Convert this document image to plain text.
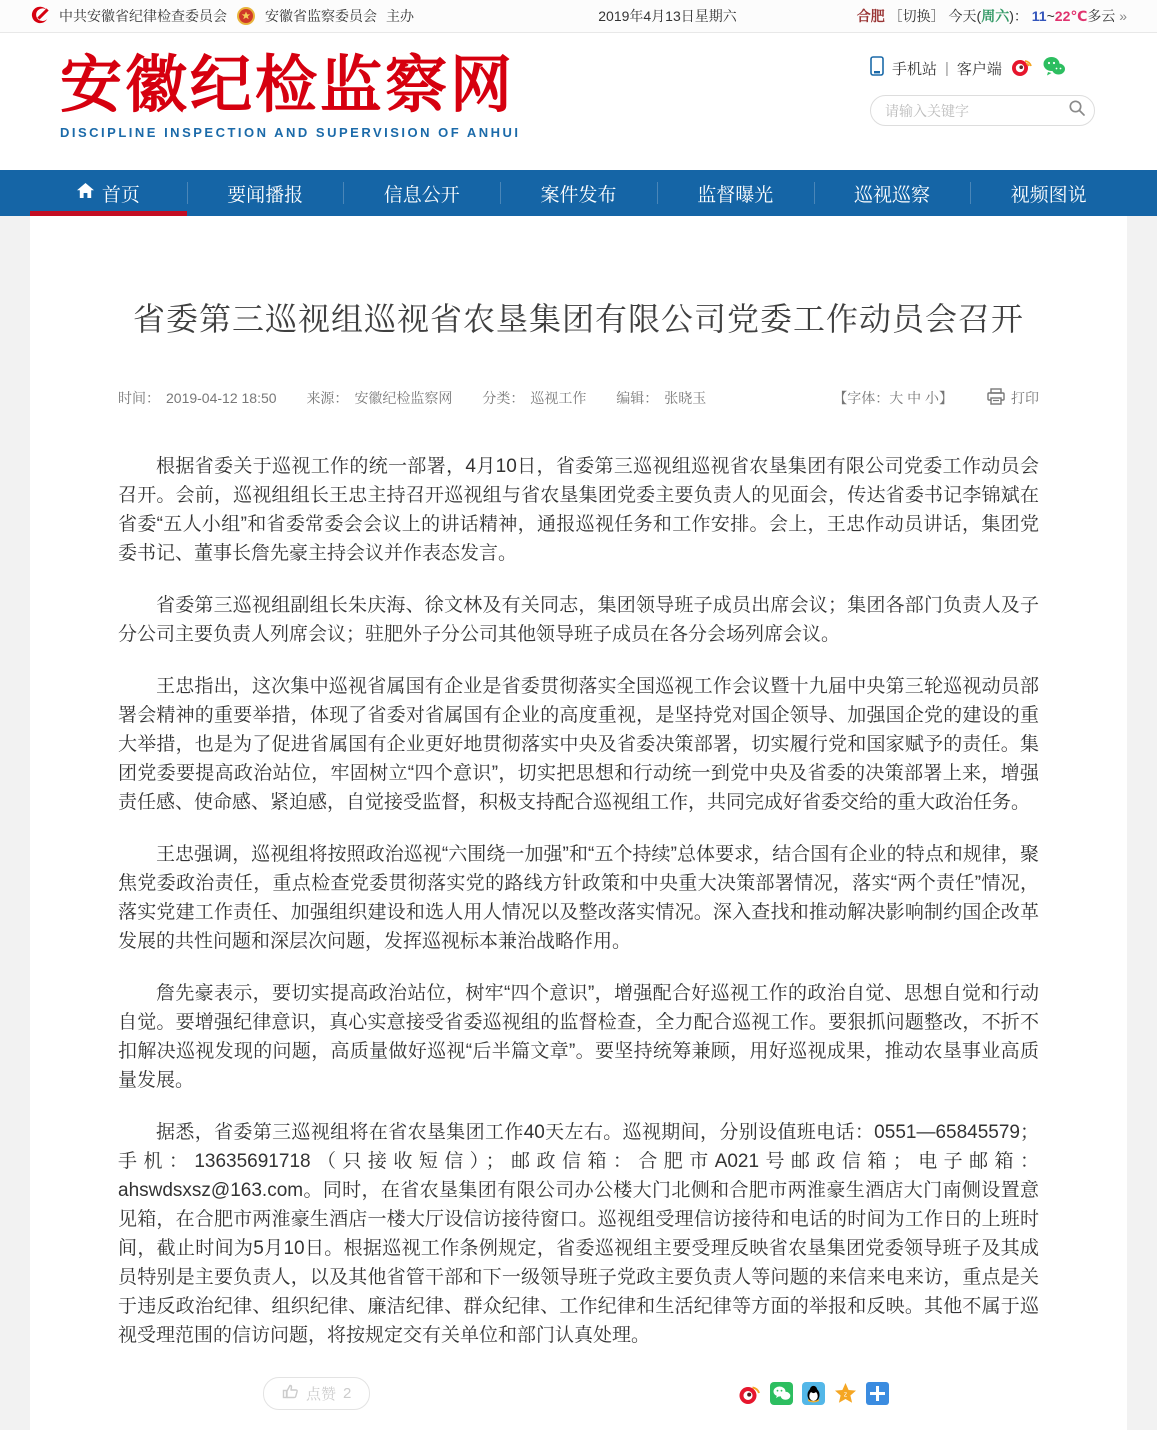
中共安徽省纪律检查委员会	安徽省监察委员会 主办	2019年4月13日星期六	合肥 ［切换］ 今天(周六)： 11~22℃多云 »
安徽纪检监察网
DISCIPLINE INSPECTION AND SUPERVISION OF ANHUI
手机站 | 客户端
请输入关键字
首页	要闻播报	信息公开	案件发布	监督曝光	巡视巡察	视频图说
省委第三巡视组巡视省农垦集团有限公司党委工作动员会召开
时间： 2019-04-12 18:50 来源： 安徽纪检监察网 分类： 巡视工作 编辑： 张晓玉	【字体：大 中 小】	打印

根据省委关于巡视工作的统一部署，4月10日，省委第三巡视组巡视省农垦集团有限公司党委工作动员会召开。会前，巡视组组长王忠主持召开巡视组与省农垦集团党委主要负责人的见面会，传达省委书记李锦斌在省委“五人小组”和省委常委会会议上的讲话精神，通报巡视任务和工作安排。会上，王忠作动员讲话，集团党委书记、董事长詹先豪主持会议并作表态发言。

省委第三巡视组副组长朱庆海、徐文林及有关同志，集团领导班子成员出席会议；集团各部门负责人及子分公司主要负责人列席会议；驻肥外子分公司其他领导班子成员在各分会场列席会议。

王忠指出，这次集中巡视省属国有企业是省委贯彻落实全国巡视工作会议暨十九届中央第三轮巡视动员部署会精神的重要举措，体现了省委对省属国有企业的高度重视，是坚持党对国企领导、加强国企党的建设的重大举措，也是为了促进省属国有企业更好地贯彻落实中央及省委决策部署，切实履行党和国家赋予的责任。集团党委要提高政治站位，牢固树立“四个意识”，切实把思想和行动统一到党中央及省委的决策部署上来，增强责任感、使命感、紧迫感，自觉接受监督，积极支持配合巡视组工作，共同完成好省委交给的重大政治任务。

王忠强调，巡视组将按照政治巡视“六围绕一加强”和“五个持续”总体要求，结合国有企业的特点和规律，聚焦党委政治责任，重点检查党委贯彻落实党的路线方针政策和中央重大决策部署情况，落实“两个责任”情况，落实党建工作责任、加强组织建设和选人用人情况以及整改落实情况。深入查找和推动解决影响制约国企改革发展的共性问题和深层次问题，发挥巡视标本兼治战略作用。

詹先豪表示，要切实提高政治站位，树牢“四个意识”，增强配合好巡视工作的政治自觉、思想自觉和行动自觉。要增强纪律意识，真心实意接受省委巡视组的监督检查，全力配合巡视工作。要狠抓问题整改，不折不扣解决巡视发现的问题，高质量做好巡视“后半篇文章”。要坚持统筹兼顾，用好巡视成果，推动农垦事业高质量发展。

据悉，省委第三巡视组将在省农垦集团工作40天左右。巡视期间，分别设值班电话：0551—65845579；手机：13635691718（只接收短信）；邮政信箱：合肥市A021号邮政信箱；电子邮箱：ahswdsxsz@163.com。同时，在省农垦集团有限公司办公楼大门北侧和合肥市两淮豪生酒店大门南侧设置意见箱，在合肥市两淮豪生酒店一楼大厅设信访接待窗口。巡视组受理信访接待和电话的时间为工作日的上班时间，截止时间为5月10日。根据巡视工作条例规定，省委巡视组主要受理反映省农垦集团党委领导班子及其成员特别是主要负责人，以及其他省管干部和下一级领导班子党政主要负责人等问题的来信来电来访，重点是关于违反政治纪律、组织纪律、廉洁纪律、群众纪律、工作纪律和生活纪律等方面的举报和反映。其他不属于巡视受理范围的信访问题，将按规定交有关单位和部门认真处理。

点赞 2	z
